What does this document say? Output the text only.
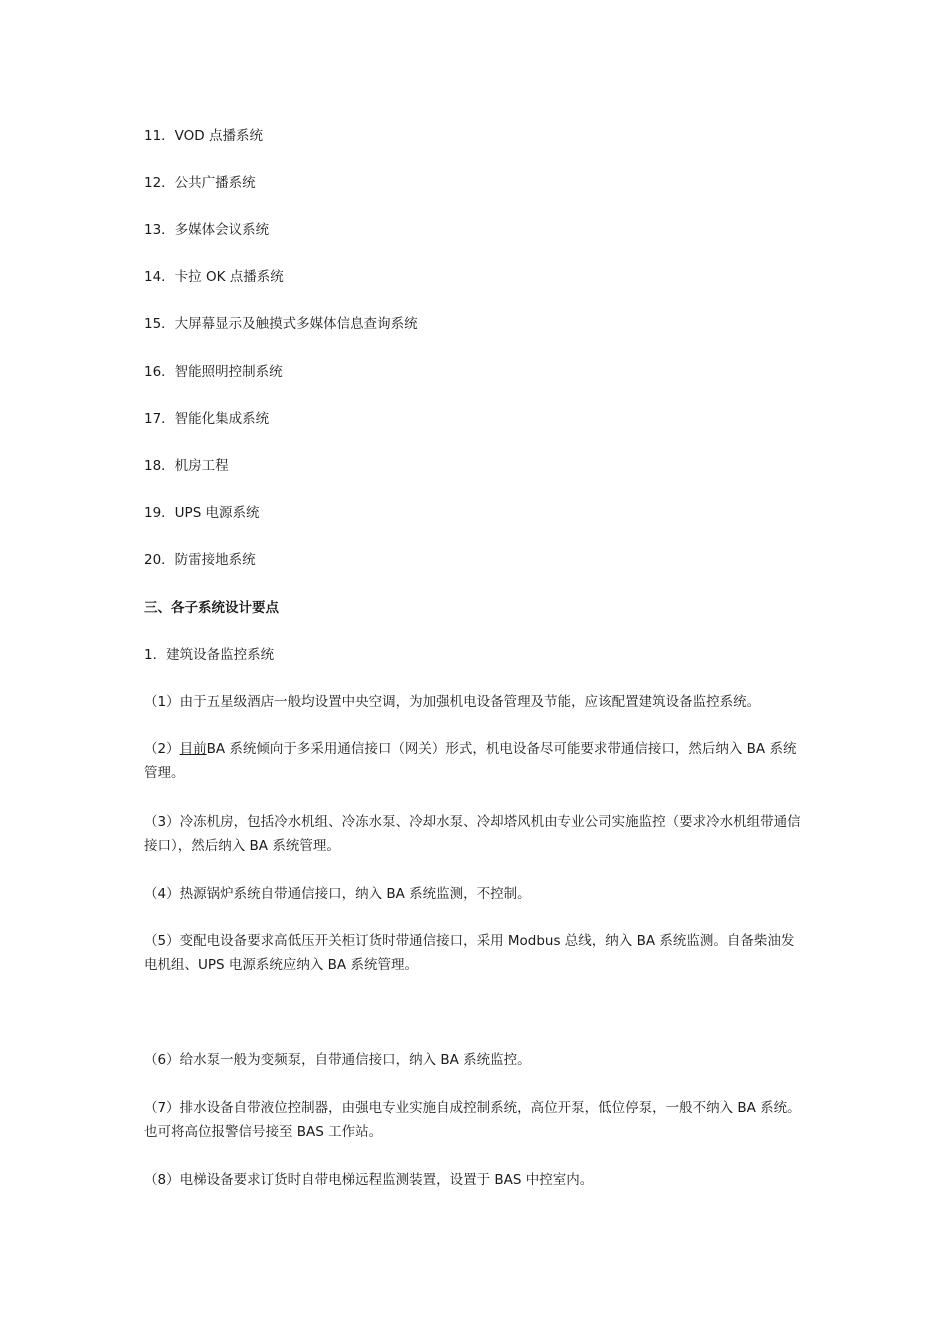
11．VOD 点播系统
12．公共广播系统
13．多媒体会议系统
14．卡拉 OK 点播系统
15．大屏幕显示及触摸式多媒体信息查询系统
16．智能照明控制系统
17．智能化集成系统
18．机房工程
19．UPS 电源系统
20．防雷接地系统
三、各子系统设计要点
1．建筑设备监控系统
（1）由于五星级酒店一般均设置中央空调，为加强机电设备管理及节能，应该配置建筑设备监控系统。
（2）目前BA 系统倾向于多采用通信接口（网关）形式，机电设备尽可能要求带通信接口，然后纳入 BA 系统管理。
（3）冷冻机房，包括冷水机组、冷冻水泵、冷却水泵、冷却塔风机由专业公司实施监控（要求冷水机组带通信接口），然后纳入 BA 系统管理。
（4）热源锅炉系统自带通信接口，纳入 BA 系统监测，不控制。
（5）变配电设备要求高低压开关柜订货时带通信接口，采用 Modbus 总线，纳入 BA 系统监测。自备柴油发电机组、UPS 电源系统应纳入 BA 系统管理。
（6）给水泵一般为变频泵，自带通信接口，纳入 BA 系统监控。
（7）排水设备自带液位控制器，由强电专业实施自成控制系统，高位开泵，低位停泵，一般不纳入 BA 系统。也可将高位报警信号接至 BAS 工作站。
（8）电梯设备要求订货时自带电梯远程监测装置，设置于 BAS 中控室内。
